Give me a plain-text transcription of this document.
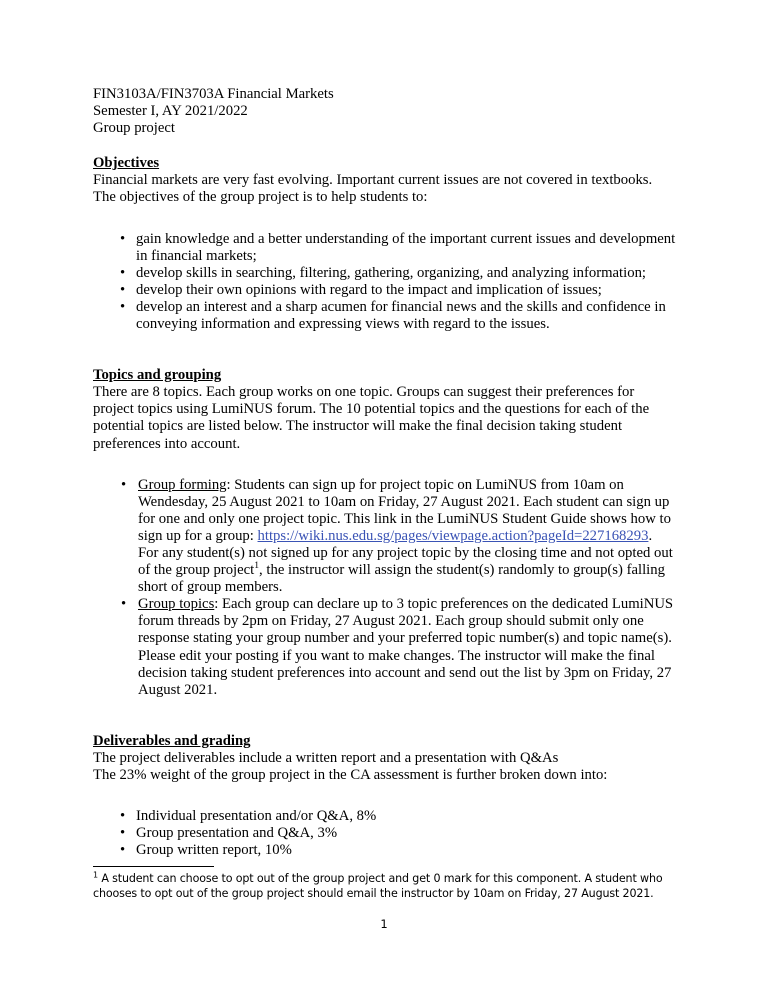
FIN3103A/FIN3703A Financial Markets
Semester I, AY 2021/2022
Group project
Objectives

Financial markets are very fast evolving. Important current issues are not covered in textbooks. The objectives of the group project is to help students to:

• gain knowledge and a better understanding of the important current issues and development in financial markets;
• develop skills in searching, filtering, gathering, organizing, and analyzing information;
• develop their own opinions with regard to the impact and implication of issues;
• develop an interest and a sharp acumen for financial news and the skills and confidence in conveying information and expressing views with regard to the issues.
Topics and grouping

There are 8 topics. Each group works on one topic. Groups can suggest their preferences for project topics using LumiNUS forum. The 10 potential topics and the questions for each of the potential topics are listed below. The instructor will make the final decision taking student preferences into account.

• Group forming: Students can sign up for project topic on LumiNUS from 10am on Wendesday, 25 August 2021 to 10am on Friday, 27 August 2021. Each student can sign up for one and only one project topic. This link in the LumiNUS Student Guide shows how to sign up for a group: https://wiki.nus.edu.sg/pages/viewpage.action?pageId=227168293. For any student(s) not signed up for any project topic by the closing time and not opted out of the group project$^1$, the instructor will assign the student(s) randomly to group(s) falling short of group members.
• Group topics: Each group can declare up to 3 topic preferences on the dedicated LumiNUS forum threads by 2pm on Friday, 27 August 2021. Each group should submit only one response stating your group number and your preferred topic number(s) and topic name(s). Please edit your posting if you want to make changes. The instructor will make the final decision taking student preferences into account and send out the list by 3pm on Friday, 27 August 2021.
Deliverables and grading

The project deliverables include a written report and a presentation with Q&As

The 23% weight of the group project in the CA assessment is further broken down into:

• Individual presentation and/or Q&A, 8%
• Group presentation and Q&A, 3%
• Group written report, 10%

$^1$ A student can choose to opt out of the group project and get 0 mark for this component. A student who chooses to opt out of the group project should email the instructor by 10am on Friday, 27 August 2021.

1
